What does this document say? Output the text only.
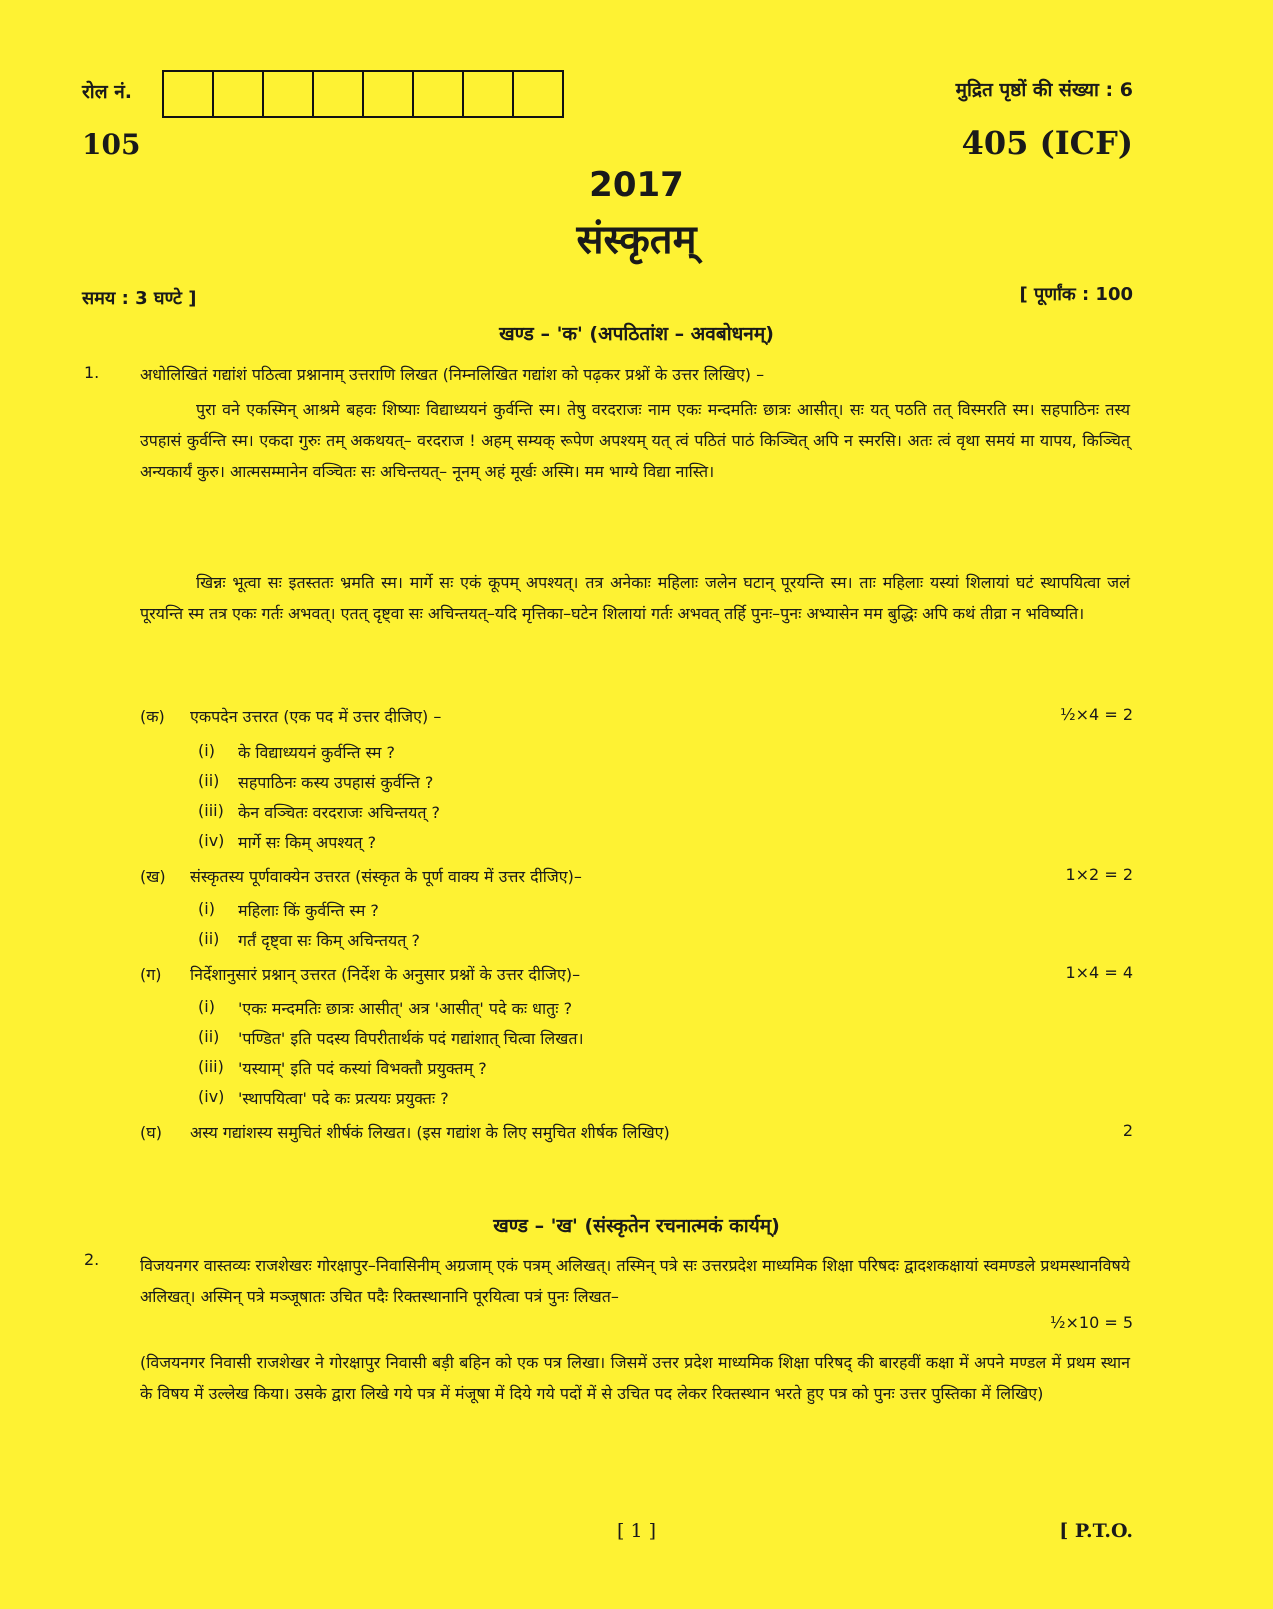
रोल नं.	मुद्रित पृष्ठों की संख्या : 6
105	405 (ICF)
2017
संस्कृतम्
समय : 3 घण्टे ]	[ पूर्णांक : 100
खण्ड – 'क' (अपठितांश – अवबोधनम्)
1.	अधोलिखितं गद्यांशं पठित्वा प्रश्नानाम् उत्तराणि लिखत (निम्नलिखित गद्यांश को पढ़कर प्रश्नों के उत्तर लिखिए) –

पुरा वने एकस्मिन् आश्रमे बहवः शिष्याः विद्याध्ययनं कुर्वन्ति स्म। तेषु वरदराजः नाम एकः मन्दमतिः छात्रः आसीत्। सः यत् पठति तत् विस्मरति स्म। सहपाठिनः तस्य उपहासं कुर्वन्ति स्म। एकदा गुरुः तम् अकथयत्– वरदराज ! अहम् सम्यक् रूपेण अपश्यम् यत् त्वं पठितं पाठं किञ्चित् अपि न स्मरसि। अतः त्वं वृथा समयं मा यापय, किञ्चित् अन्यकार्यं कुरु। आत्मसम्मानेन वञ्चितः सः अचिन्तयत्– नूनम् अहं मूर्खः अस्मि। मम भाग्ये विद्या नास्ति।

खिन्नः भूत्वा सः इतस्ततः भ्रमति स्म। मार्गे सः एकं कूपम् अपश्यत्। तत्र अनेकाः महिलाः जलेन घटान् पूरयन्ति स्म। ताः महिलाः यस्यां शिलायां घटं स्थापयित्वा जलं पूरयन्ति स्म तत्र एकः गर्तः अभवत्। एतत् दृष्ट्वा सः अचिन्तयत्–यदि मृत्तिका–घटेन शिलायां गर्तः अभवत् तर्हि पुनः–पुनः अभ्यासेन मम बुद्धिः अपि कथं तीव्रा न भविष्यति।

(क) एकपदेन उत्तरत (एक पद में उत्तर दीजिए) –	½×4 = 2
(i) के विद्याध्ययनं कुर्वन्ति स्म ?
(ii) सहपाठिनः कस्य उपहासं कुर्वन्ति ?
(iii) केन वञ्चितः वरदराजः अचिन्तयत् ?
(iv) मार्गे सः किम् अपश्यत् ?
(ख) संस्कृतस्य पूर्णवाक्येन उत्तरत (संस्कृत के पूर्ण वाक्य में उत्तर दीजिए)–	1×2 = 2
(i) महिलाः किं कुर्वन्ति स्म ?
(ii) गर्तं दृष्ट्वा सः किम् अचिन्तयत् ?
(ग) निर्देशानुसारं प्रश्नान् उत्तरत (निर्देश के अनुसार प्रश्नों के उत्तर दीजिए)–	1×4 = 4
(i) 'एकः मन्दमतिः छात्रः आसीत्' अत्र 'आसीत्' पदे कः धातुः ?
(ii) 'पण्डित' इति पदस्य विपरीतार्थकं पदं गद्यांशात् चित्वा लिखत।
(iii) 'यस्याम्' इति पदं कस्यां विभक्तौ प्रयुक्तम् ?
(iv) 'स्थापयित्वा' पदे कः प्रत्ययः प्रयुक्तः ?
(घ) अस्य गद्यांशस्य समुचितं शीर्षकं लिखत। (इस गद्यांश के लिए समुचित शीर्षक लिखिए)	2
खण्ड – 'ख' (संस्कृतेन रचनात्मकं कार्यम्)
2.	विजयनगर वास्तव्यः राजशेखरः गोरक्षापुर–निवासिनीम् अग्रजाम् एकं पत्रम् अलिखत्। तस्मिन् पत्रे सः उत्तरप्रदेश माध्यमिक शिक्षा परिषदः द्वादशकक्षायां स्वमण्डले प्रथमस्थानविषये अलिखत्। अस्मिन् पत्रे मञ्जूषातः उचित पदैः रिक्तस्थानानि पूरयित्वा पत्रं पुनः लिखत–
½×10 = 5
(विजयनगर निवासी राजशेखर ने गोरक्षापुर निवासी बड़ी बहिन को एक पत्र लिखा। जिसमें उत्तर प्रदेश माध्यमिक शिक्षा परिषद् की बारहवीं कक्षा में अपने मण्डल में प्रथम स्थान के विषय में उल्लेख किया। उसके द्वारा लिखे गये पत्र में मंजूषा में दिये गये पदों में से उचित पद लेकर रिक्तस्थान भरते हुए पत्र को पुनः उत्तर पुस्तिका में लिखिए)
[ 1 ]	[ P.T.O.
